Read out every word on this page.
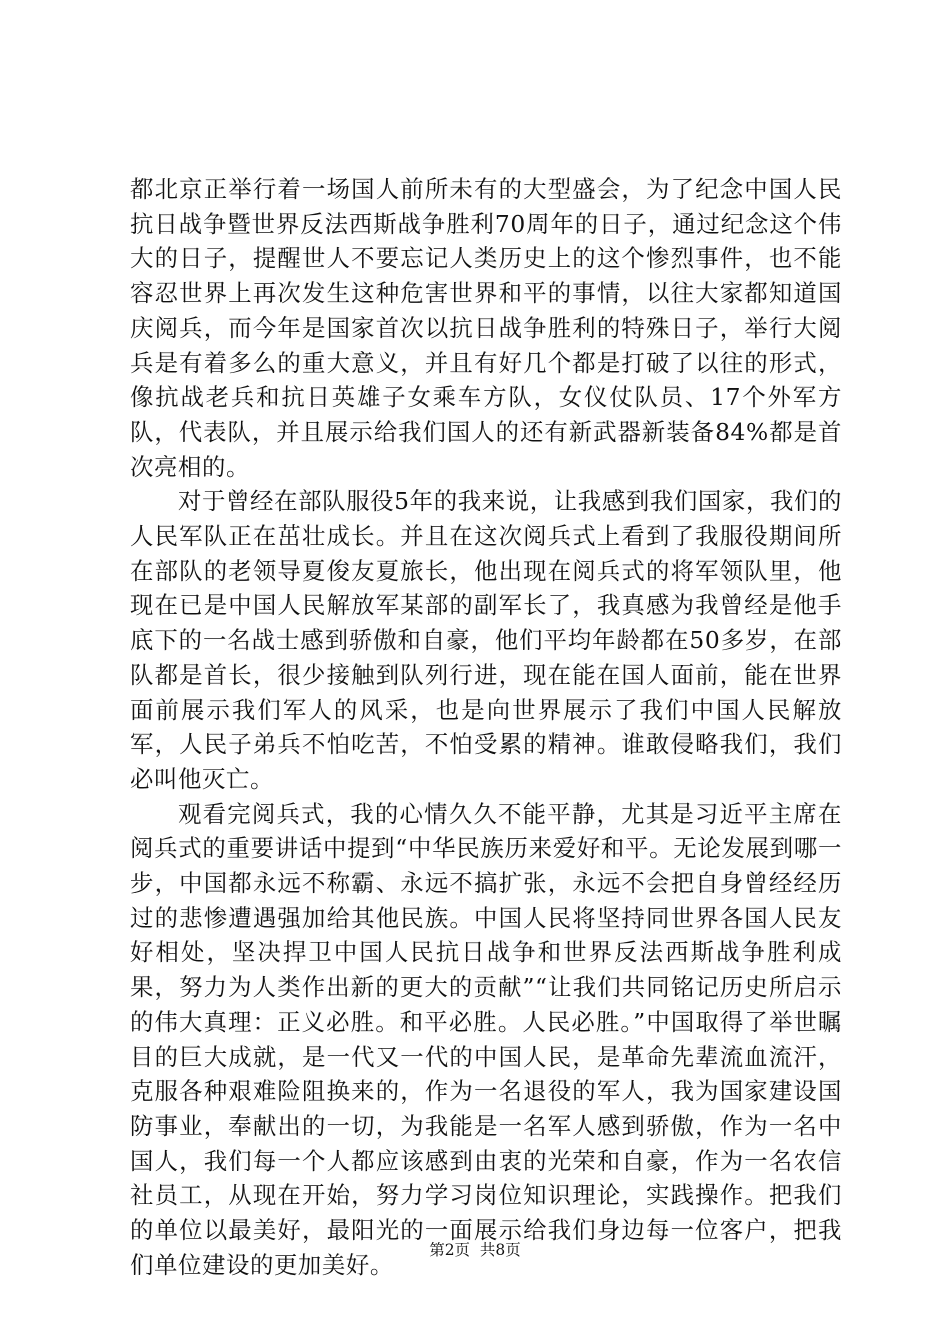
都北京正举行着一场国人前所未有的大型盛会，为了纪念中国人民抗日战争暨世界反法西斯战争胜利70周年的日子，通过纪念这个伟大的日子，提醒世人不要忘记人类历史上的这个惨烈事件，也不能容忍世界上再次发生这种危害世界和平的事情，以往大家都知道国庆阅兵，而今年是国家首次以抗日战争胜利的特殊日子，举行大阅兵是有着多么的重大意义，并且有好几个都是打破了以往的形式，像抗战老兵和抗日英雄子女乘车方队，女仪仗队员、17个外军方队，代表队，并且展示给我们国人的还有新武器新装备84%都是首次亮相的。

对于曾经在部队服役5年的我来说，让我感到我们国家，我们的人民军队正在茁壮成长。并且在这次阅兵式上看到了我服役期间所在部队的老领导夏俊友夏旅长，他出现在阅兵式的将军领队里，他现在已是中国人民解放军某部的副军长了，我真感为我曾经是他手底下的一名战士感到骄傲和自豪，他们平均年龄都在50多岁，在部队都是首长，很少接触到队列行进，现在能在国人面前，能在世界面前展示我们军人的风采，也是向世界展示了我们中国人民解放军，人民子弟兵不怕吃苦，不怕受累的精神。谁敢侵略我们，我们必叫他灭亡。

观看完阅兵式，我的心情久久不能平静，尤其是习近平主席在阅兵式的重要讲话中提到“中华民族历来爱好和平。无论发展到哪一步，中国都永远不称霸、永远不搞扩张，永远不会把自身曾经经历过的悲惨遭遇强加给其他民族。中国人民将坚持同世界各国人民友好相处，坚决捍卫中国人民抗日战争和世界反法西斯战争胜利成果，努力为人类作出新的更大的贡献”“让我们共同铭记历史所启示的伟大真理：正义必胜。和平必胜。人民必胜。”中国取得了举世瞩目的巨大成就，是一代又一代的中国人民，是革命先辈流血流汗，克服各种艰难险阻换来的，作为一名退役的军人，我为国家建设国防事业，奉献出的一切，为我能是一名军人感到骄傲，作为一名中国人，我们每一个人都应该感到由衷的光荣和自豪，作为一名农信社员工，从现在开始，努力学习岗位知识理论，实践操作。把我们的单位以最美好，最阳光的一面展示给我们身边每一位客户，把我们单位建设的更加美好。

第2页 共8页
